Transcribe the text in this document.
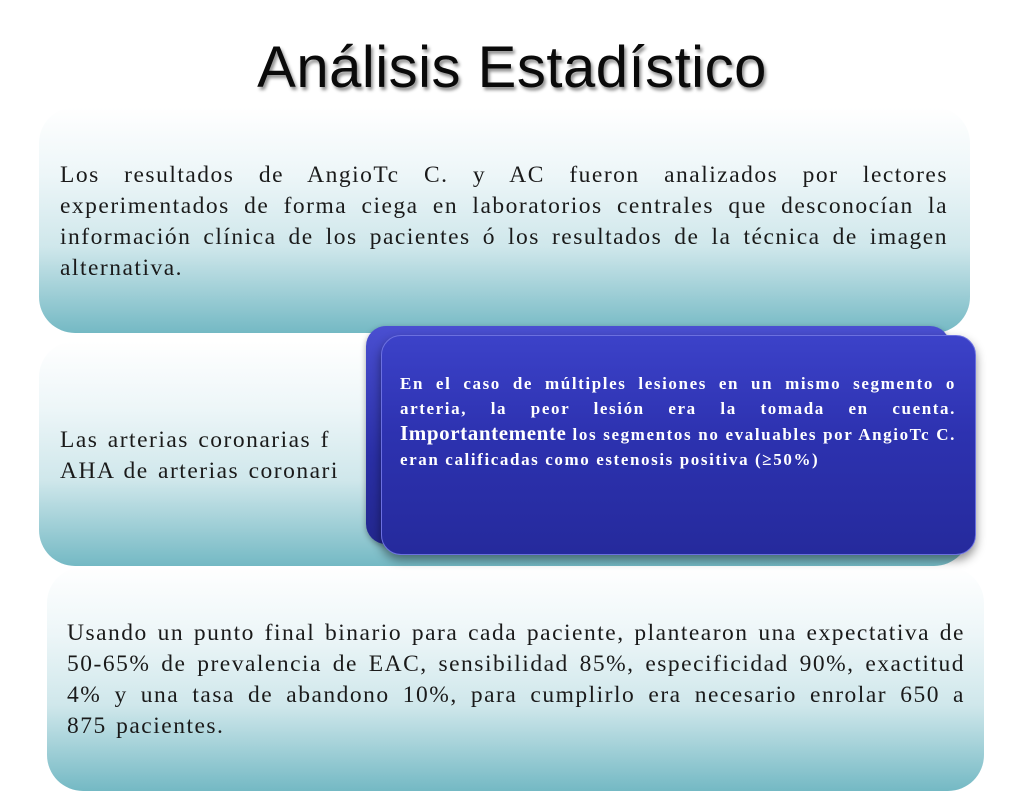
Análisis Estadístico
Los resultados de AngioTc C. y AC fueron analizados por lectores experimentados de forma ciega en laboratorios centrales que desconocían la información clínica de los pacientes ó los resultados de la técnica de imagen alternativa.
Las arterias coronarias f
AHA de arterias coronari
Usando un punto final binario para cada paciente, plantearon una expectativa de 50-65% de prevalencia de EAC, sensibilidad 85%, especificidad 90%, exactitud 4% y una tasa de abandono 10%, para cumplirlo era necesario enrolar 650 a 875 pacientes.
En el caso de múltiples lesiones en un mismo segmento o arteria, la peor lesión era la tomada en cuenta. Importantemente los segmentos no evaluables por AngioTc C. eran calificadas como estenosis positiva (≥50%)
